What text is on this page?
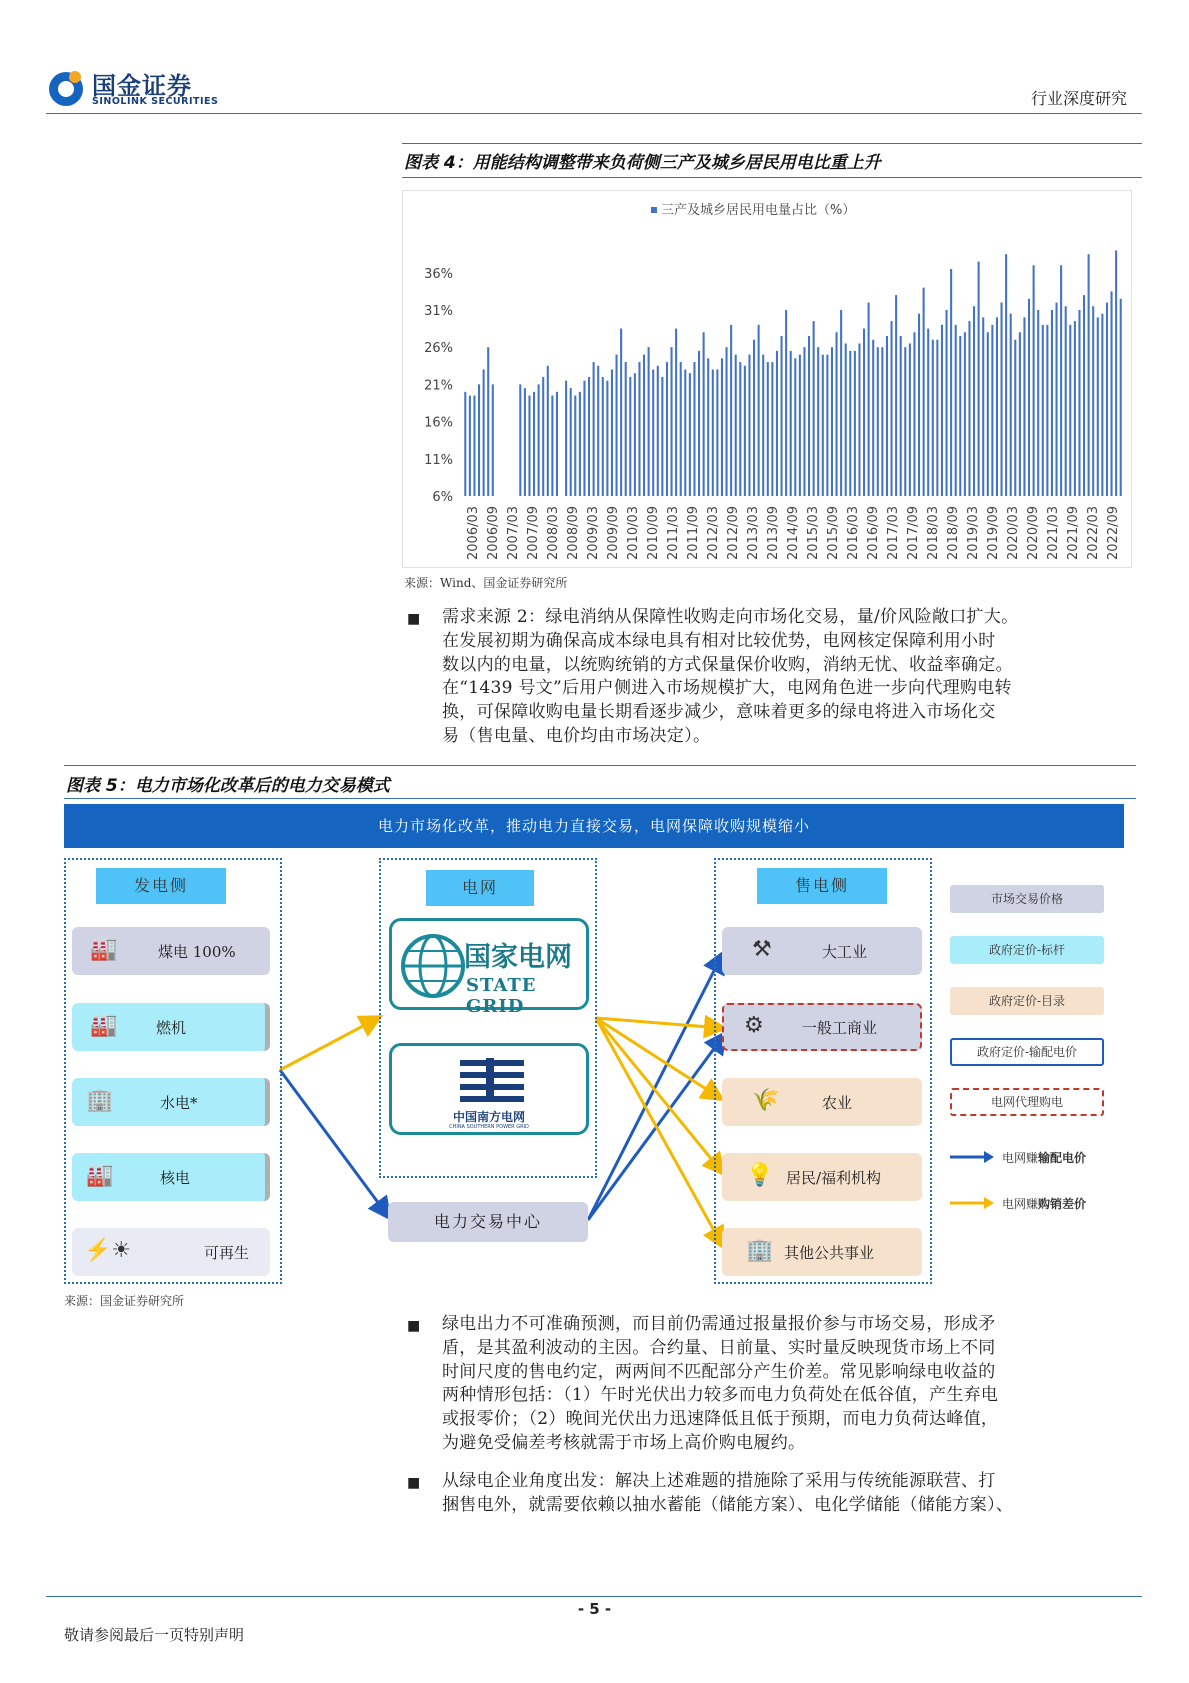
国金证券
SINOLINK SECURITIES	行业深度研究
图表 4：用能结构调整带来负荷侧三产及城乡居民用电比重上升
三产及城乡居民用电量占比（%）
6%
11%
16%
21%
26%
31%
36%
2006/03 2006/09 2007/03 2007/09 2008/03 2008/09 2009/03 2009/09 2010/03 2010/09 2011/03 2011/09 2012/03 2012/09 2013/03 2013/09 2014/09 2015/03 2015/09 2016/03 2016/09 2017/03 2017/09 2018/03 2018/09 2019/03 2019/09 2020/03 2020/09 2021/03 2021/09 2022/03 2022/09
来源：Wind、国金证券研究所
■ 需求来源 2：绿电消纳从保障性收购走向市场化交易，量/价风险敞口扩大。
在发展初期为确保高成本绿电具有相对比较优势，电网核定保障利用小时
数以内的电量，以统购统销的方式保量保价收购，消纳无忧、收益率确定。
在“1439 号文”后用户侧进入市场规模扩大，电网角色进一步向代理购电转
换，可保障收购电量长期看逐步减少，意味着更多的绿电将进入市场化交
易（售电量、电价均由市场决定）。
图表 5：电力市场化改革后的电力交易模式
电力市场化改革，推动电力直接交易，电网保障收购规模缩小
发电侧
🏭	煤电 100%
🏭	燃机
🏢	水电*
🏭	核电
⚡☀	可再生
电网
国家电网
STATE GRID
中国南方电网
CHINA SOUTHERN POWER GRID
电力交易中心
售电侧
⚒	大工业
⚙	一般工商业
🌾	农业
💡 居民/福利机构
🏢 其他公共事业
市场交易价格
政府定价-标杆
政府定价-目录
政府定价-输配电价
电网代理购电
电网赚输配电价
电网赚购销差价
来源：国金证券研究所
■ 绿电出力不可准确预测，而目前仍需通过报量报价参与市场交易，形成矛
盾，是其盈利波动的主因。合约量、日前量、实时量反映现货市场上不同
时间尺度的售电约定，两两间不匹配部分产生价差。常见影响绿电收益的
两种情形包括：（1）午时光伏出力较多而电力负荷处在低谷值，产生弃电
或报零价；（2）晚间光伏出力迅速降低且低于预期，而电力负荷达峰值，
为避免受偏差考核就需于市场上高价购电履约。
■ 从绿电企业角度出发：解决上述难题的措施除了采用与传统能源联营、打
捆售电外，就需要依赖以抽水蓄能（储能方案）、电化学储能（储能方案）、
- 5 -
敬请参阅最后一页特别声明
